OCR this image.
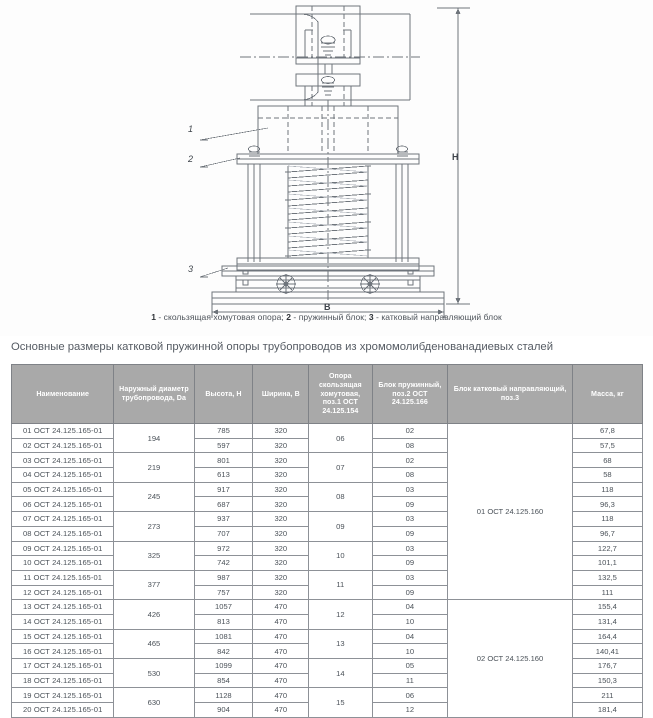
1
2
3
H
B
1 - скользящая хомутовая опора; 2 - пружинный блок; 3 - катковый направляющий блок
Основные размеры катковой пружинной опоры трубопроводов из хромомолибденованадиевых сталей
Наименование	Наружный диаметр трубопровода, Da	Высота, H	Ширина, B	Опора скользящая хомутовая, поз.1 ОСТ 24.125.154	Блок пружинный, поз.2 ОСТ 24.125.166	Блок катковый направляющий, поз.3	Масса, кг
01 ОСТ 24.125.165-01	194	785	320	06	02	01 ОСТ 24.125.160	67,8
02 ОСТ 24.125.165-01		597	320		08		57,5
03 ОСТ 24.125.165-01	219	801	320	07	02		68
04 ОСТ 24.125.165-01		613	320		08		58
05 ОСТ 24.125.165-01	245	917	320	08	03		118
06 ОСТ 24.125.165-01		687	320		09		96,3
07 ОСТ 24.125.165-01	273	937	320	09	03		118
08 ОСТ 24.125.165-01		707	320		09		96,7
09 ОСТ 24.125.165-01	325	972	320	10	03		122,7
10 ОСТ 24.125.165-01		742	320		09		101,1
11 ОСТ 24.125.165-01	377	987	320	11	03		132,5
12 ОСТ 24.125.165-01		757	320		09		111
13 ОСТ 24.125.165-01	426	1057	470	12	04	02 ОСТ 24.125.160	155,4
14 ОСТ 24.125.165-01		813	470		10		131,4
15 ОСТ 24.125.165-01	465	1081	470	13	04		164,4
16 ОСТ 24.125.165-01		842	470		10		140,41
17 ОСТ 24.125.165-01	530	1099	470	14	05		176,7
18 ОСТ 24.125.165-01		854	470		11		150,3
19 ОСТ 24.125.165-01	630	1128	470	15	06		211
20 ОСТ 24.125.165-01		904	470		12		181,4
